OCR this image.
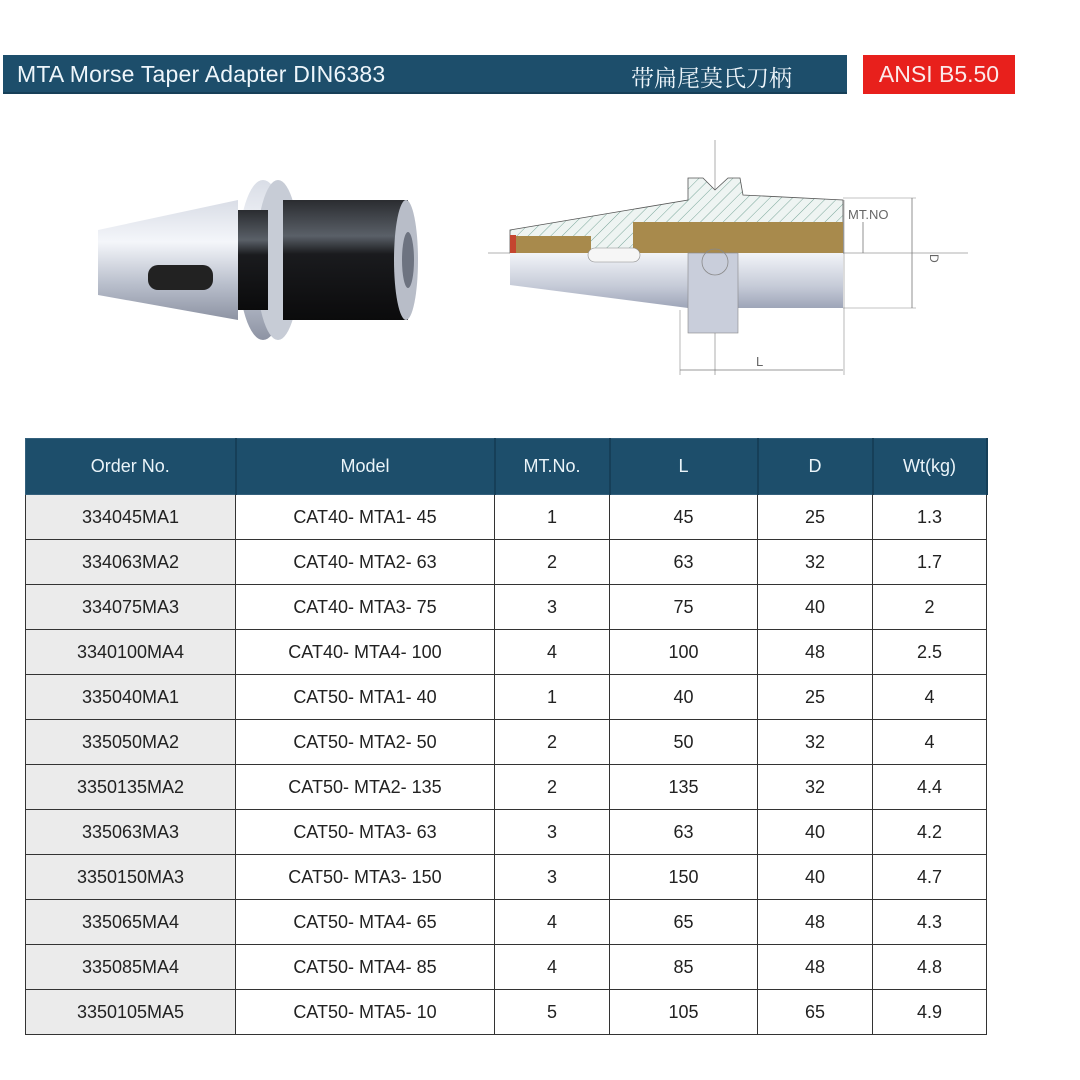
MTA Morse Taper Adapter DIN6383	带扁尾莫氏刀柄	ANSI B5.50
MT.NO
D
L
Order No.	Model	MT.No.	L	D	Wt(kg)
334045MA1	CAT40- MTA1- 45	1	45	25	1.3
334063MA2	CAT40- MTA2- 63	2	63	32	1.7
334075MA3	CAT40- MTA3- 75	3	75	40	2
3340100MA4	CAT40- MTA4- 100	4	100	48	2.5
335040MA1	CAT50- MTA1- 40	1	40	25	4
335050MA2	CAT50- MTA2- 50	2	50	32	4
3350135MA2	CAT50- MTA2- 135	2	135	32	4.4
335063MA3	CAT50- MTA3- 63	3	63	40	4.2
3350150MA3	CAT50- MTA3- 150	3	150	40	4.7
335065MA4	CAT50- MTA4- 65	4	65	48	4.3
335085MA4	CAT50- MTA4- 85	4	85	48	4.8
3350105MA5	CAT50- MTA5- 10	5	105	65	4.9
